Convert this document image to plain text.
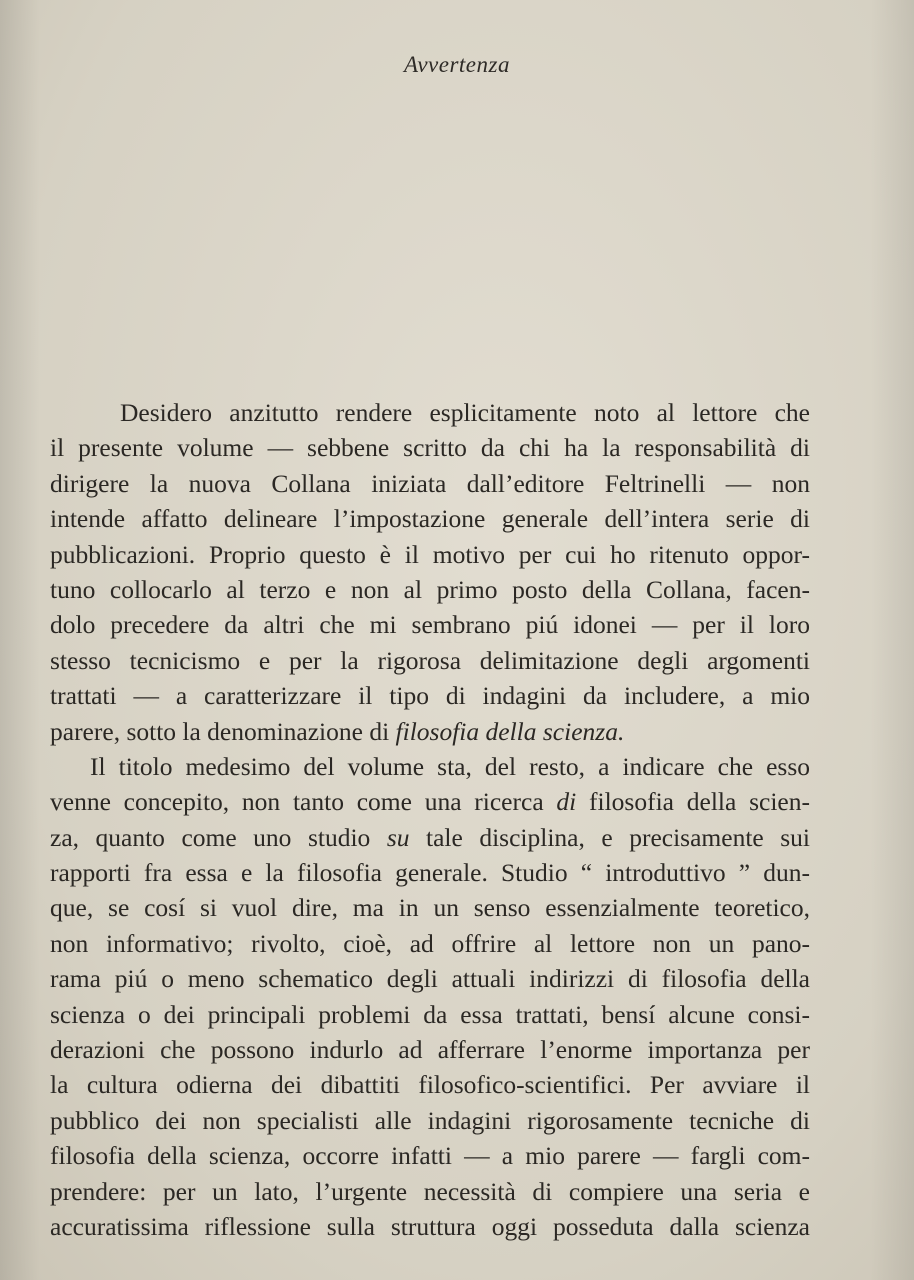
Avvertenza
Desidero anzitutto rendere esplicitamente noto al lettore che
il presente volume — sebbene scritto da chi ha la responsabilità di
dirigere la nuova Collana iniziata dall’editore Feltrinelli — non
intende affatto delineare l’impostazione generale dell’intera serie di
pubblicazioni. Proprio questo è il motivo per cui ho ritenuto oppor-
tuno collocarlo al terzo e non al primo posto della Collana, facen-
dolo precedere da altri che mi sembrano piú idonei — per il loro
stesso tecnicismo e per la rigorosa delimitazione degli argomenti
trattati — a caratterizzare il tipo di indagini da includere, a mio
parere, sotto la denominazione di filosofia della scienza.
Il titolo medesimo del volume sta, del resto, a indicare che esso
venne concepito, non tanto come una ricerca di filosofia della scien-
za, quanto come uno studio su tale disciplina, e precisamente sui
rapporti fra essa e la filosofia generale. Studio “ introduttivo ” dun-
que, se cosí si vuol dire, ma in un senso essenzialmente teoretico,
non informativo; rivolto, cioè, ad offrire al lettore non un pano-
rama piú o meno schematico degli attuali indirizzi di filosofia della
scienza o dei principali problemi da essa trattati, bensí alcune consi-
derazioni che possono indurlo ad afferrare l’enorme importanza per
la cultura odierna dei dibattiti filosofico-scientifici. Per avviare il
pubblico dei non specialisti alle indagini rigorosamente tecniche di
filosofia della scienza, occorre infatti — a mio parere — fargli com-
prendere: per un lato, l’urgente necessità di compiere una seria e
accuratissima riflessione sulla struttura oggi posseduta dalla scienza
